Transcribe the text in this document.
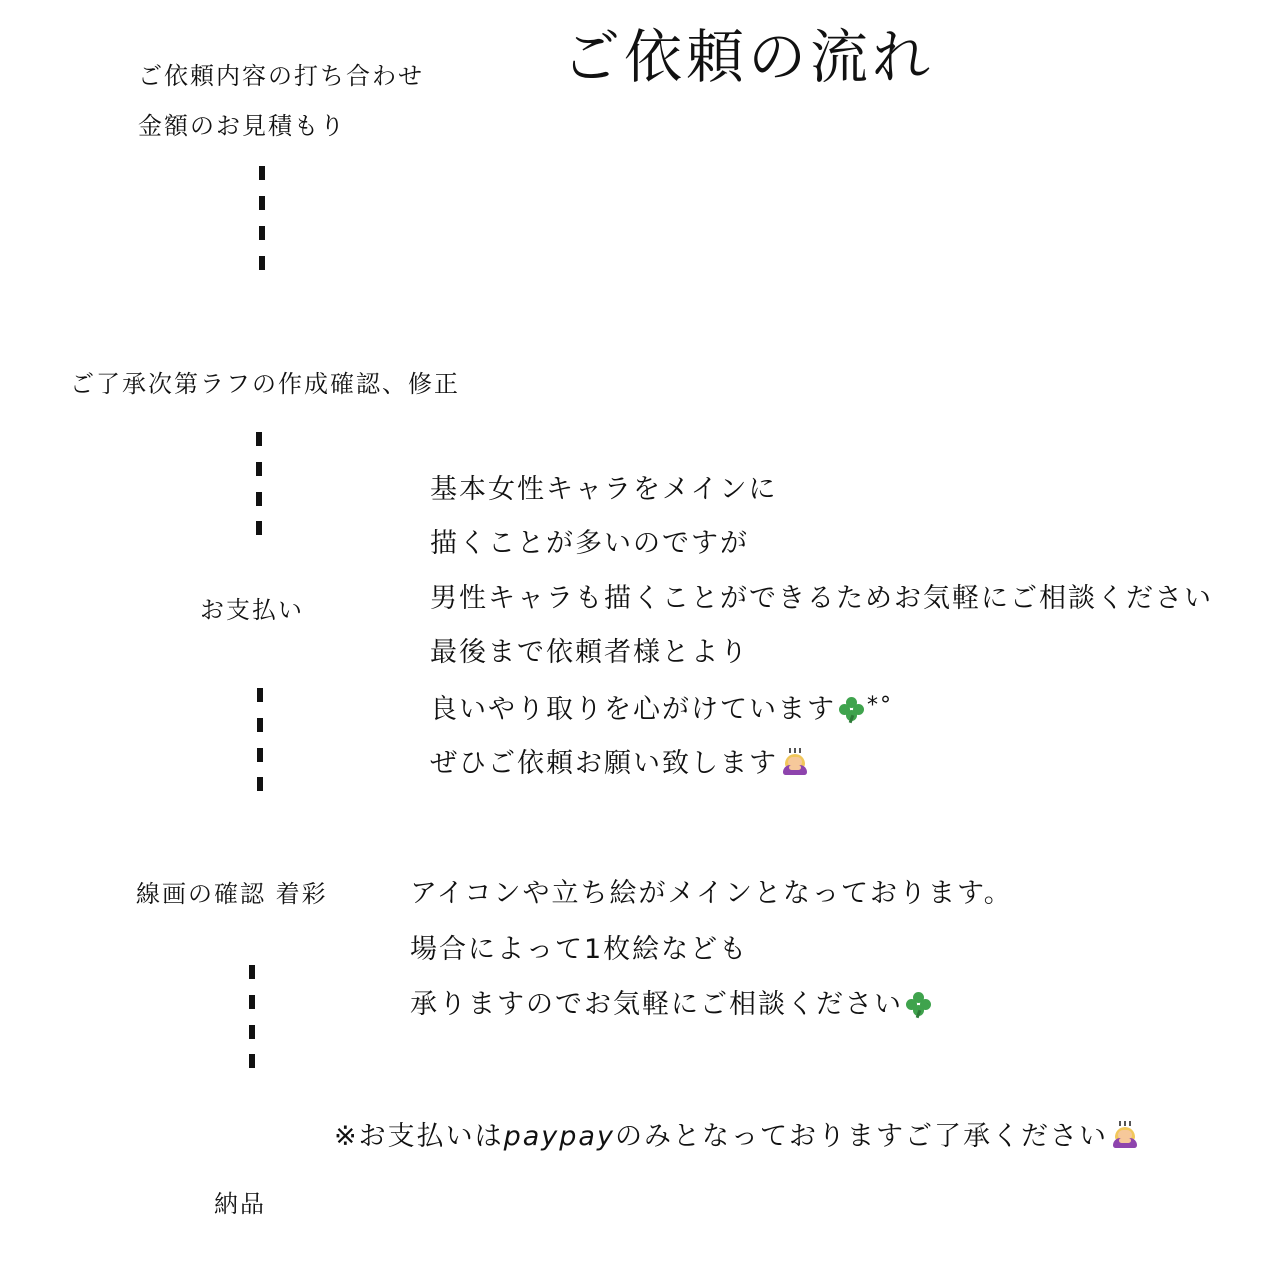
ご依頼の流れ
ご依頼内容の打ち合わせ
金額のお見積もり
ご了承次第ラフの作成確認、修正
お支払い
線画の確認 着彩
納品
基本女性キャラをメインに
描くことが多いのですが
男性キャラも描くことができるためお気軽にご相談ください
最後まで依頼者様とより
良いやり取りを心がけています *°
ぜひご依頼お願い致します
アイコンや立ち絵がメインとなっております。
場合によって1枚絵なども
承りますのでお気軽にご相談ください
※お支払いはpaypayのみとなっておりますご了承ください
